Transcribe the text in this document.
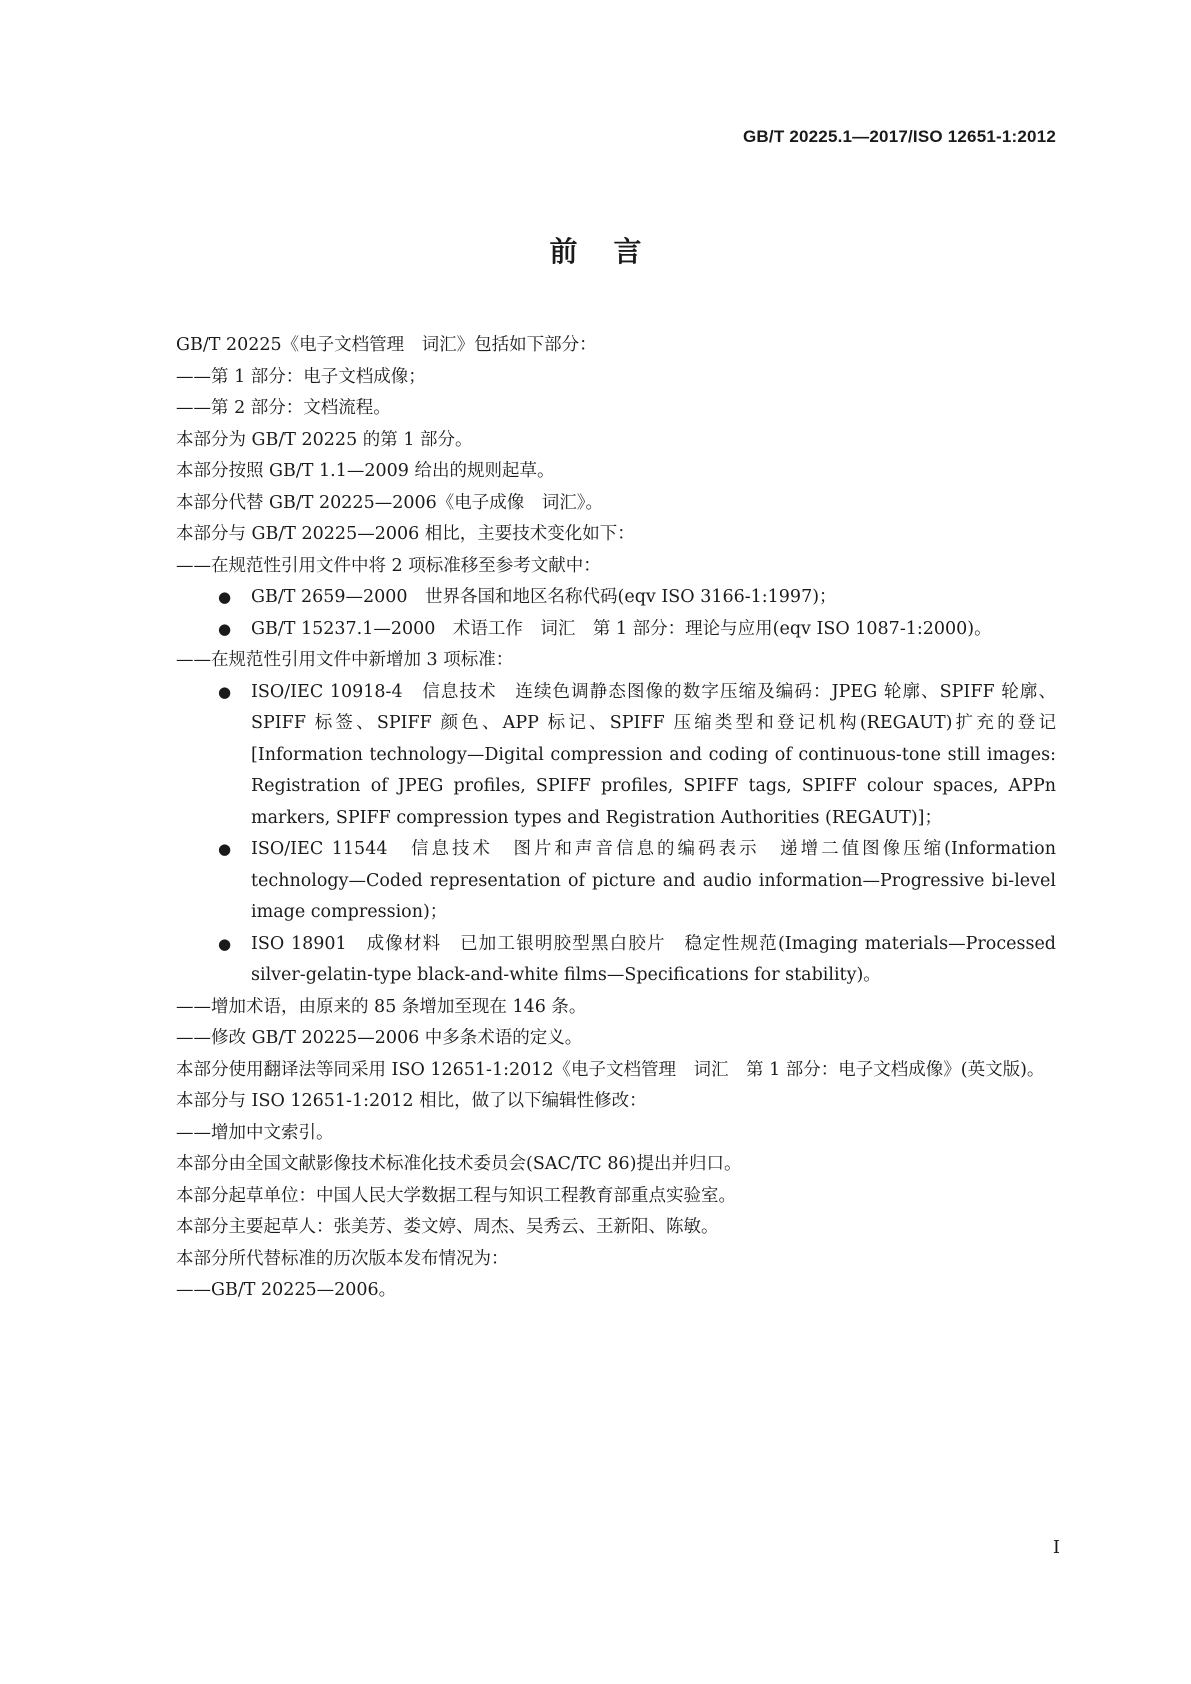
GB/T 20225.1—2017/ISO 12651-1:2012
前言

GB/T 20225《电子文档管理　词汇》包括如下部分：

——第 1 部分：电子文档成像；

——第 2 部分：文档流程。

本部分为 GB/T 20225 的第 1 部分。

本部分按照 GB/T 1.1—2009 给出的规则起草。

本部分代替 GB/T 20225—2006《电子成像　词汇》。

本部分与 GB/T 20225—2006 相比，主要技术变化如下：

——在规范性引用文件中将 2 项标准移至参考文献中：

● GB/T 2659—2000　世界各国和地区名称代码(eqv ISO 3166-1:1997)；
● GB/T 15237.1—2000　术语工作　词汇　第 1 部分：理论与应用(eqv ISO 1087-1:2000)。

——在规范性引用文件中新增加 3 项标准：

● ISO/IEC 10918-4　信息技术　连续色调静态图像的数字压缩及编码：JPEG 轮廓、SPIFF 轮廓、SPIFF 标签、SPIFF 颜色、APP 标记、SPIFF 压缩类型和登记机构(REGAUT)扩充的登记[Information technology—Digital compression and coding of continuous-tone still images: Registration of JPEG profiles, SPIFF profiles, SPIFF tags, SPIFF colour spaces, APPn markers, SPIFF compression types and Registration Authorities (REGAUT)]；
● ISO/IEC 11544　信息技术　图片和声音信息的编码表示　递增二值图像压缩(Information technology—Coded representation of picture and audio information—Progressive bi-level image compression)；
● ISO 18901　成像材料　已加工银明胶型黑白胶片　稳定性规范(Imaging materials—Processed silver-gelatin-type black-and-white films—Specifications for stability)。

——增加术语，由原来的 85 条增加至现在 146 条。

——修改 GB/T 20225—2006 中多条术语的定义。

本部分使用翻译法等同采用 ISO 12651-1:2012《电子文档管理　词汇　第 1 部分：电子文档成像》(英文版)。

本部分与 ISO 12651-1:2012 相比，做了以下编辑性修改：

——增加中文索引。

本部分由全国文献影像技术标准化技术委员会(SAC/TC 86)提出并归口。

本部分起草单位：中国人民大学数据工程与知识工程教育部重点实验室。

本部分主要起草人：张美芳、娄文婷、周杰、吴秀云、王新阳、陈敏。

本部分所代替标准的历次版本发布情况为：

——GB/T 20225—2006。

I
